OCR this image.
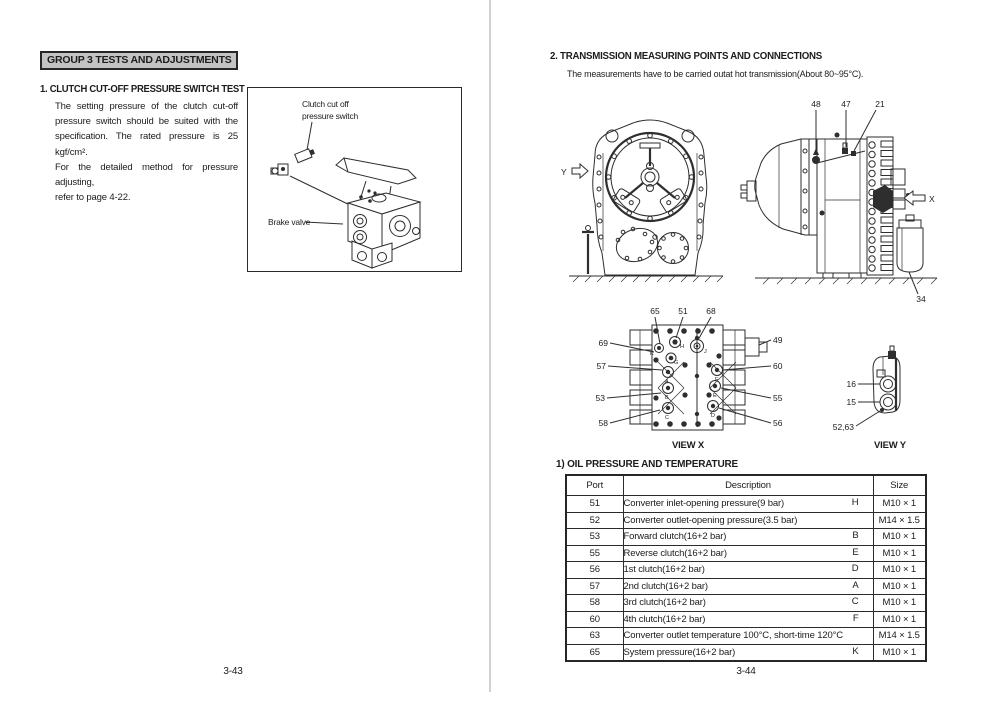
GROUP 3 TESTS AND ADJUSTMENTS
1. CLUTCH CUT-OFF PRESSURE SWITCH TEST
The setting pressure of the clutch cut-off
pressure switch should be suited with the
specification. The rated pressure is 25 kgf/cm².
For the detailed method for pressure adjusting,
refer to page 4-22.
Clutch cut off
pressure switch
Brake valve
3-43
2. TRANSMISSION MEASURING POINTS AND CONNECTIONS
The measurements have to be carried outat hot transmission(About 80~95°C).
Y
48 47	21
34
X
K
H
G
J
A	F
B	E
C	D
65 51 68
69
57
53
58
49
60
55
56
VIEW X
16
15
52,63
VIEW Y
1) OIL PRESSURE AND TEMPERATURE
Port	Description	Size
51	Converter inlet-opening pressure(9 bar) H	M10 × 1
52	Converter outlet-opening pressure(3.5 bar)	M14 × 1.5
53	Forward clutch(16+2 bar) B	M10 × 1
55	Reverse clutch(16+2 bar) E	M10 × 1
56	1st clutch(16+2 bar) D	M10 × 1
57	2nd clutch(16+2 bar) A	M10 × 1
58	3rd clutch(16+2 bar) C	M10 × 1
60	4th clutch(16+2 bar) F	M10 × 1
63	Converter outlet temperature 100°C, short-time 120°C	M14 × 1.5
65	System pressure(16+2 bar) K	M10 × 1
3-44
